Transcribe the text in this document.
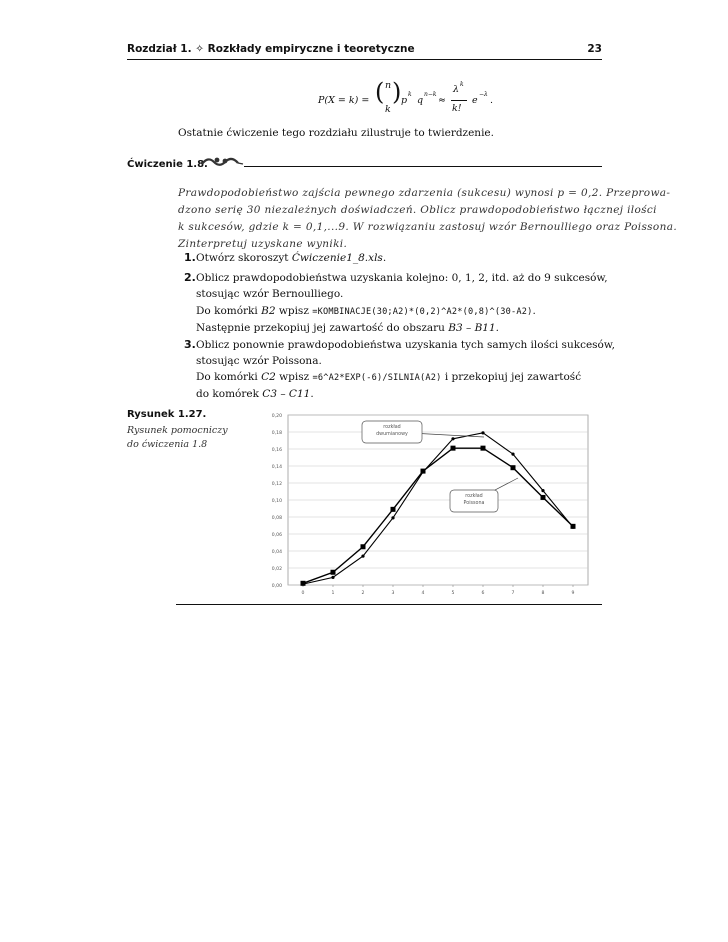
Rozdział 1. ✧ Rozkłady empiryczne i teoretyczne	23
P(X = k) = ( n
k
) p
k
q
n−k
≈
λ k
k!
e
−λ
.
Ostatnie ćwiczenie tego rozdziału zilustruje to twierdzenie.
Ćwiczenie 1.8.
Prawdopodobieństwo zajścia pewnego zdarzenia (sukcesu) wynosi p = 0,2. Przeprowa-
dzono serię 30 niezależnych doświadczeń. Oblicz prawdopodobieństwo łącznej ilości
k sukcesów, gdzie k = 0,1,...9. W rozwiązaniu zastosuj wzór Bernoulliego oraz Poissona.
Zinterpretuj uzyskane wyniki.
1. Otwórz skoroszyt Ćwiczenie1_8.xls.
2. Oblicz prawdopodobieństwa uzyskania kolejno: 0, 1, 2, itd. aż do 9 sukcesów,
stosując wzór Bernoulliego.
Do komórki B2 wpisz =KOMBINACJE(30;A2)*(0,2)^A2*(0,8)^(30-A2).
Następnie przekopiuj jej zawartość do obszaru B3 – B11.
3. Oblicz ponownie prawdopodobieństwa uzyskania tych samych ilości sukcesów,
stosując wzór Poissona.
Do komórki C2 wpisz =6^A2*EXP(-6)/SILNIA(A2) i przekopiuj jej zawartość
do komórek C3 – C11.
Rysunek 1.27.
Rysunek pomocniczy
do ćwiczenia 1.8
0,00
0,02
0,04
0,06
0,08
0,10
0,12
0,14
0,16
0,18
0,20
0	1	2	3	4	5	6	7	8	9
rozkład
dwumianowy
rozkład
Poissona
